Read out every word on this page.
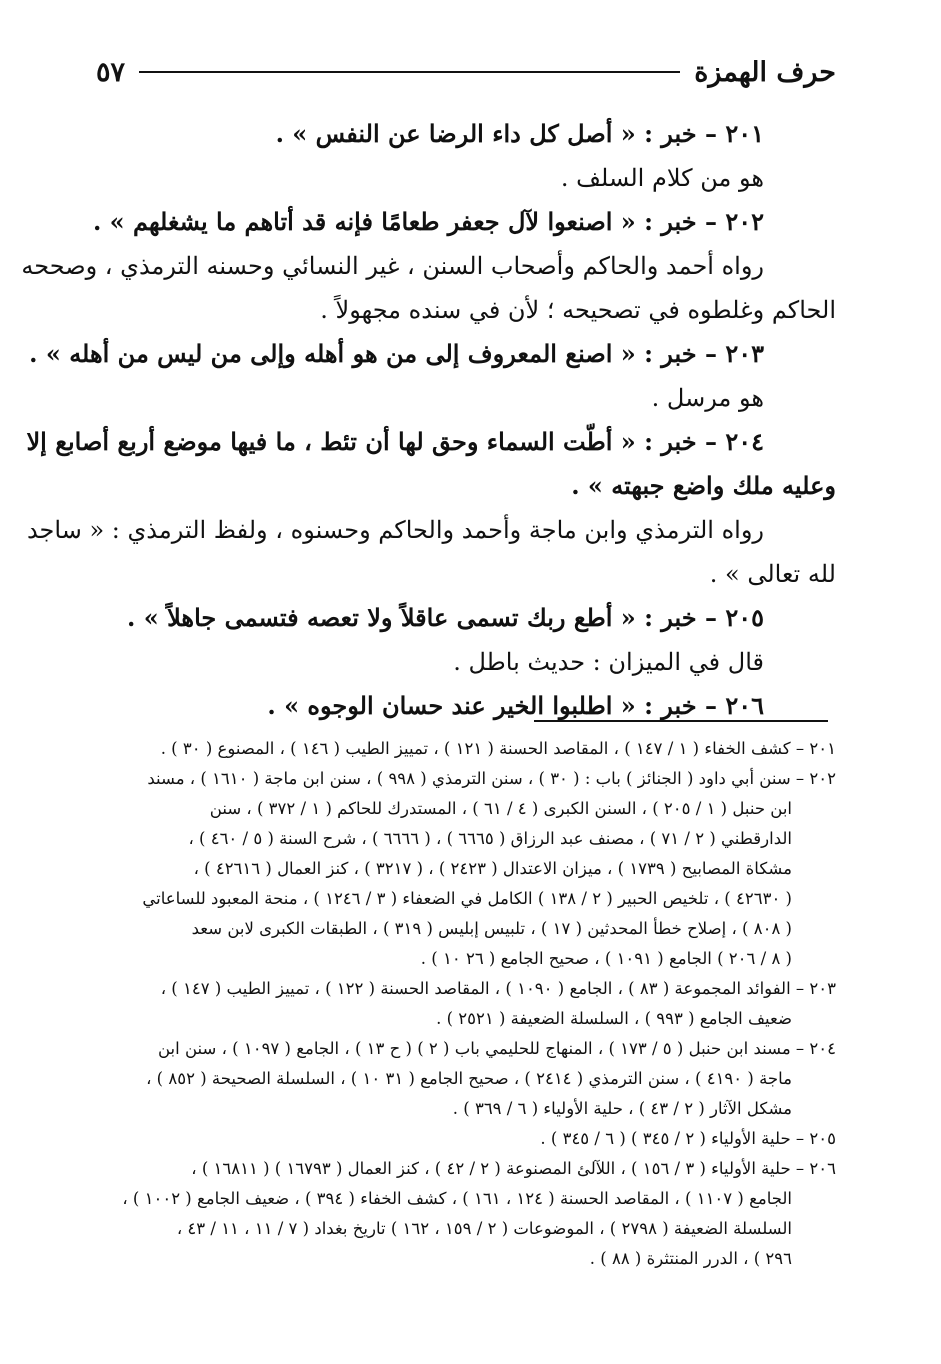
حرف الهمزة
٥٧
٢٠١ – خبر : « أصل كل داء الرضا عن النفس » .
هو من كلام السلف .
٢٠٢ – خبر : « اصنعوا لآل جعفر طعامًا فإنه قد أتاهم ما يشغلهم » .
رواه أحمد والحاكم وأصحاب السنن ، غير النسائي وحسنه الترمذي ، وصححه
الحاكم وغلطوه في تصحيحه ؛ لأن في سنده مجهولاً .
٢٠٣ – خبر : « اصنع المعروف إلى من هو أهله وإلى من ليس من أهله » .
هو مرسل .
٢٠٤ – خبر : « أطّت السماء وحق لها أن تئط ، ما فيها موضع أربع أصابع إلا
وعليه ملك واضع جبهته » .
رواه الترمذي وابن ماجة وأحمد والحاكم وحسنوه ، ولفظ الترمذي : « ساجد
لله تعالى » .
٢٠٥ – خبر : « أطع ربك تسمى عاقلاً ولا تعصه فتسمى جاهلاً » .
قال في الميزان : حديث باطل .
٢٠٦ – خبر : « اطلبوا الخير عند حسان الوجوه » .
٢٠١ – كشف الخفاء ( ١ / ١٤٧ ) ، المقاصد الحسنة ( ١٢١ ) ، تمييز الطيب ( ١٤٦ ) ، المصنوع ( ٣٠ ) .
٢٠٢ – سنن أبي داود ( الجنائز ) باب : ( ٣٠ ) ، سنن الترمذي ( ٩٩٨ ) ، سنن ابن ماجة ( ١٦١٠ ) ، مسند
ابن حنبل ( ١ / ٢٠٥ ) ، السنن الكبرى ( ٤ / ٦١ ) ، المستدرك للحاكم ( ١ / ٣٧٢ ) ، سنن
الدارقطني ( ٢ / ٧١ ) ، مصنف عبد الرزاق ( ٦٦٦٥ ) ، ( ٦٦٦٦ ) ، شرح السنة ( ٥ / ٤٦٠ ) ،
مشكاة المصابيح ( ١٧٣٩ ) ، ميزان الاعتدال ( ٢٤٢٣ ) ، ( ٣٢١٧ ) ، كنز العمال ( ٤٢٦١٦ ) ،
( ٤٢٦٣٠ ) ، تلخيص الحبير ( ٢ / ١٣٨ ) الكامل في الضعفاء ( ٣ / ١٢٤٦ ) ، منحة المعبود للساعاتي
( ٨٠٨ ) ، إصلاح خطأ المحدثين ( ١٧ ) ، تلبيس إبليس ( ٣١٩ ) ، الطبقات الكبرى لابن سعد
( ٨ / ٢٠٦ ) الجامع ( ١٠٩١ ) ، صحيح الجامع ( ٢٦ ١٠ ) .
٢٠٣ – الفوائد المجموعة ( ٨٣ ) ، الجامع ( ١٠٩٠ ) ، المقاصد الحسنة ( ١٢٢ ) ، تمييز الطيب ( ١٤٧ ) ،
ضعيف الجامع ( ٩٩٣ ) ، السلسلة الضعيفة ( ٢٥٢١ ) .
٢٠٤ – مسند ابن حنبل ( ٥ / ١٧٣ ) ، المنهاج للحليمي باب ( ٢ ) ( ح ١٣ ) ، الجامع ( ١٠٩٧ ) ، سنن ابن
ماجة ( ٤١٩٠ ) ، سنن الترمذي ( ٢٤١٤ ) ، صحيح الجامع ( ٣١ ١٠ ) ، السلسلة الصحيحة ( ٨٥٢ ) ،
مشكل الآثار ( ٢ / ٤٣ ) ، حلية الأولياء ( ٦ / ٣٦٩ ) .
٢٠٥ – حلية الأولياء ( ٢ / ٣٤٥ ) ( ٦ / ٣٤٥ ) .
٢٠٦ – حلية الأولياء ( ٣ / ١٥٦ ) ، اللآلئ المصنوعة ( ٢ / ٤٢ ) ، كنز العمال ( ١٦٧٩٣ ) ( ١٦٨١١ ) ،
الجامع ( ١١٠٧ ) ، المقاصد الحسنة ( ١٢٤ ، ١٦١ ) ، كشف الخفاء ( ٣٩٤ ) ، ضعيف الجامع ( ١٠٠٢ ) ،
السلسلة الضعيفة ( ٢٧٩٨ ) ، الموضوعات ( ٢ / ١٥٩ ، ١٦٢ ) تاريخ بغداد ( ٧ / ١١ ، ١١ / ٤٣ ،
٢٩٦ ) ، الدرر المنتثرة ( ٨٨ ) .
